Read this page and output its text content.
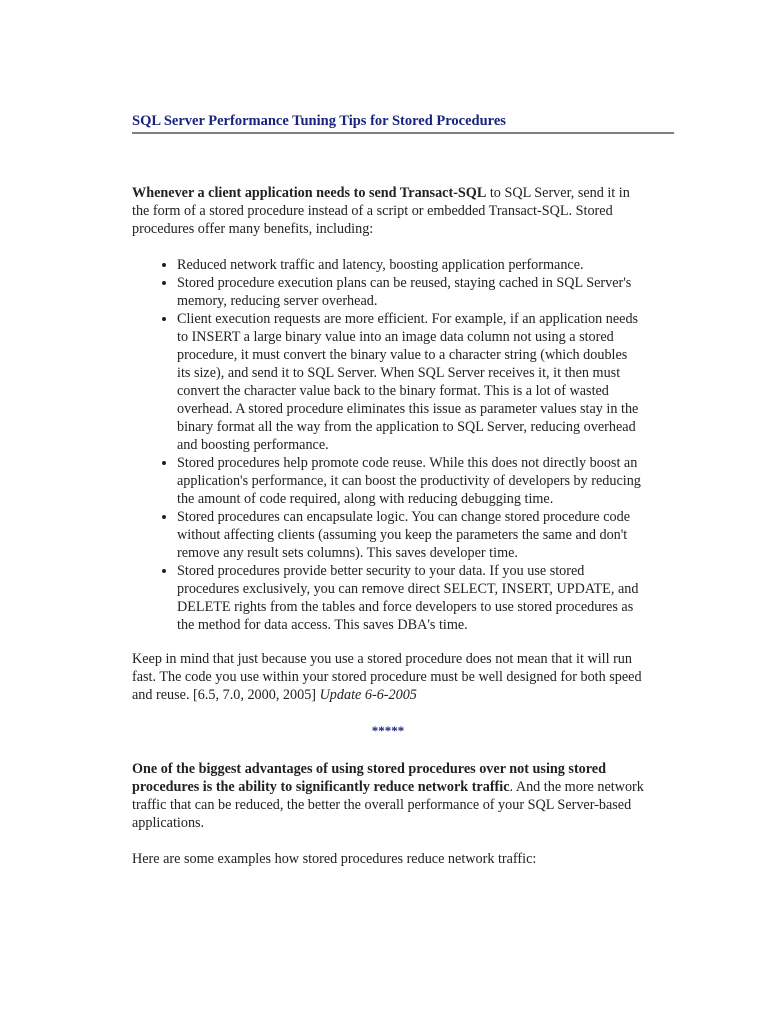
SQL Server Performance Tuning Tips for Stored Procedures

Whenever a client application needs to send Transact-SQL to SQL Server, send it in the form of a stored procedure instead of a script or embedded Transact-SQL. Stored procedures offer many benefits, including:

• Reduced network traffic and latency, boosting application performance.
• Stored procedure execution plans can be reused, staying cached in SQL Server's memory, reducing server overhead.
• Client execution requests are more efficient. For example, if an application needs to INSERT a large binary value into an image data column not using a stored procedure, it must convert the binary value to a character string (which doubles its size), and send it to SQL Server. When SQL Server receives it, it then must convert the character value back to the binary format. This is a lot of wasted overhead. A stored procedure eliminates this issue as parameter values stay in the binary format all the way from the application to SQL Server, reducing overhead and boosting performance.
• Stored procedures help promote code reuse. While this does not directly boost an application's performance, it can boost the productivity of developers by reducing the amount of code required, along with reducing debugging time.
• Stored procedures can encapsulate logic. You can change stored procedure code without affecting clients (assuming you keep the parameters the same and don't remove any result sets columns). This saves developer time.
• Stored procedures provide better security to your data. If you use stored procedures exclusively, you can remove direct SELECT, INSERT, UPDATE, and DELETE rights from the tables and force developers to use stored procedures as the method for data access. This saves DBA's time.

Keep in mind that just because you use a stored procedure does not mean that it will run fast. The code you use within your stored procedure must be well designed for both speed and reuse. [6.5, 7.0, 2000, 2005] Update 6-6-2005

*****

One of the biggest advantages of using stored procedures over not using stored procedures is the ability to significantly reduce network traffic. And the more network traffic that can be reduced, the better the overall performance of your SQL Server-based applications.

Here are some examples how stored procedures reduce network traffic:
